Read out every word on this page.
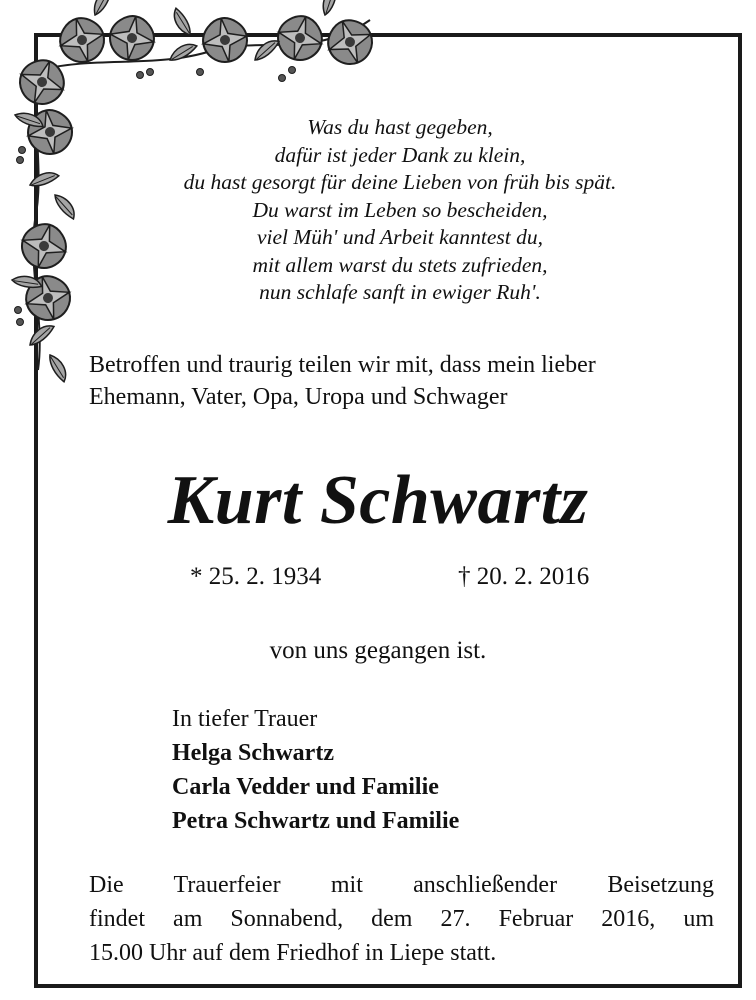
Was du hast gegeben,
dafür ist jeder Dank zu klein,
du hast gesorgt für deine Lieben von früh bis spät.
Du warst im Leben so bescheiden,
viel Müh' und Arbeit kanntest du,
mit allem warst du stets zufrieden,
nun schlafe sanft in ewiger Ruh'.
Betroffen und traurig teilen wir mit, dass mein lieber
Ehemann, Vater, Opa, Uropa und Schwager
Kurt Schwartz
* 25. 2. 1934	† 20. 2. 2016
von uns gegangen ist.
In tiefer Trauer
Helga Schwartz
Carla Vedder und Familie
Petra Schwartz und Familie
Die Trauerfeier mit anschließender Beisetzung
findet am Sonnabend, dem 27. Februar 2016, um
15.00 Uhr auf dem Friedhof in Liepe statt.
